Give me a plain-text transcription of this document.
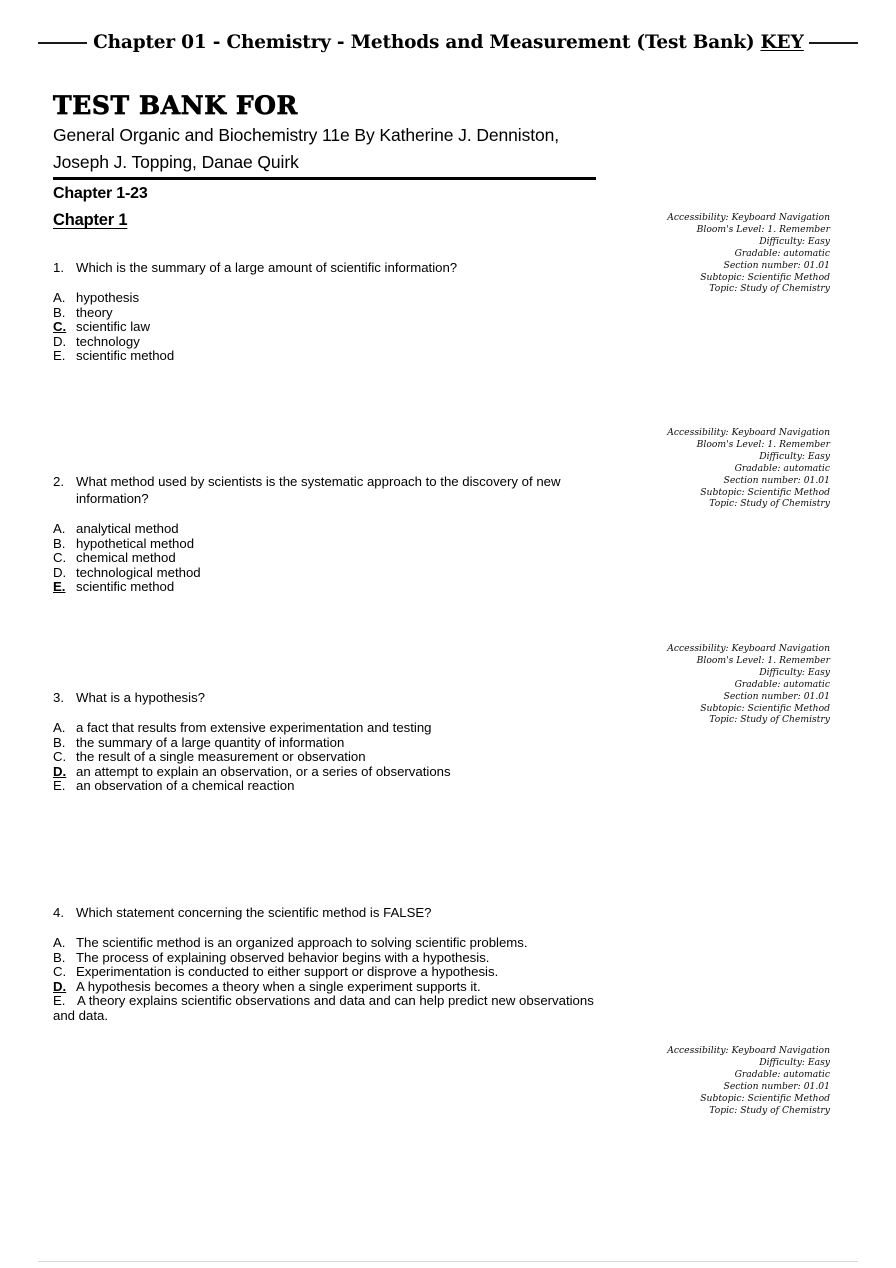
Chapter 01 - Chemistry - Methods and Measurement (Test Bank) KEY
TEST BANK FOR
General Organic and Biochemistry 11e By Katherine J. Denniston,
Joseph J. Topping, Danae Quirk
Chapter 1-23
Chapter 1
1. Which is the summary of a large amount of scientific information?
A. hypothesis
B. theory
C. scientific law
D. technology
E. scientific method
Accessibility: Keyboard Navigation
Bloom's Level: 1. Remember
Difficulty: Easy
Gradable: automatic
Section number: 01.01
Subtopic: Scientific Method
Topic: Study of Chemistry
2. What method used by scientists is the systematic approach to the discovery of new information?
A. analytical method
B. hypothetical method
C. chemical method
D. technological method
E. scientific method
Accessibility: Keyboard Navigation
Bloom's Level: 1. Remember
Difficulty: Easy
Gradable: automatic
Section number: 01.01
Subtopic: Scientific Method
Topic: Study of Chemistry
3. What is a hypothesis?
A. a fact that results from extensive experimentation and testing
B. the summary of a large quantity of information
C. the result of a single measurement or observation
D. an attempt to explain an observation, or a series of observations
E. an observation of a chemical reaction
Accessibility: Keyboard Navigation
Bloom's Level: 1. Remember
Difficulty: Easy
Gradable: automatic
Section number: 01.01
Subtopic: Scientific Method
Topic: Study of Chemistry
4. Which statement concerning the scientific method is FALSE?
A. The scientific method is an organized approach to solving scientific problems.
B. The process of explaining observed behavior begins with a hypothesis.
C. Experimentation is conducted to either support or disprove a hypothesis.
D. A hypothesis becomes a theory when a single experiment supports it.
E. A theory explains scientific observations and data and can help predict new observations and data.
Accessibility: Keyboard Navigation
Difficulty: Easy
Gradable: automatic
Section number: 01.01
Subtopic: Scientific Method
Topic: Study of Chemistry
